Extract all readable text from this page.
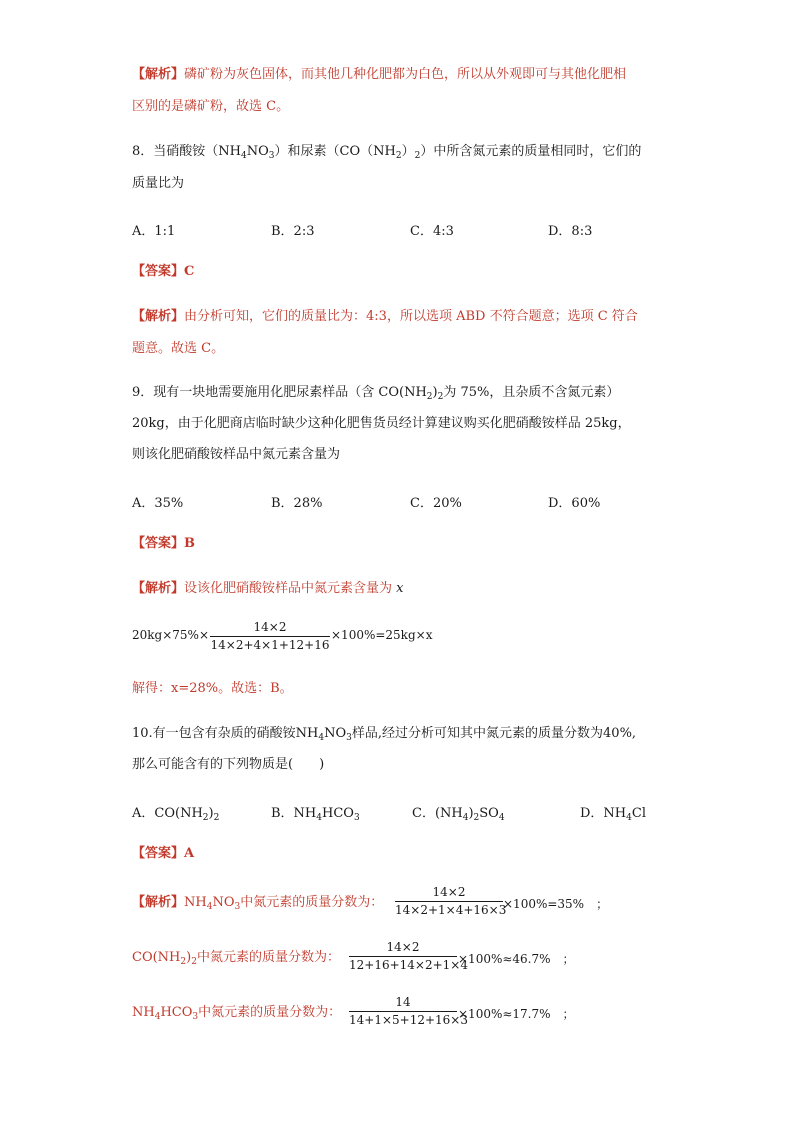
【解析】磷矿粉为灰色固体，而其他几种化肥都为白色，所以从外观即可与其他化肥相
区别的是磷矿粉，故选 C。
8．当硝酸铵$(NH_4NO_3)$和尿素$(CO(NH_2)_2)$中所含氮元素的质量相同时，它们的
质量比为
A．1:1	B．2:3	C．4:3	D．8:3
【答案】C
【解析】由分析可知，它们的质量比为：4:3，所以选项 ABD 不符合题意；选项 C 符合
题意。故选 C。
9．现有一块地需要施用化肥尿素样品（含 $CO(NH_2)_2$为 75%，且杂质不含氮元素）
20kg，由于化肥商店临时缺少这种化肥售货员经计算建议购买化肥硝酸铵样品 25kg，
则该化肥硝酸铵样品中氮元素含量为
A．35%	B．28%	C．20%	D．60%
【答案】B
【解析】设该化肥硝酸铵样品中氮元素含量为 x
20kg×75%×
14×2
14×2+4×1+12+16
×100%=25kg×x
解得：x=28%。故选：B。
10.有一包含有杂质的硝酸铵$NH_4NO_3$样品,经过分析可知其中氮元素的质量分数为40%,
那么可能含有的下列物质是(　　)
A．$CO(NH_2)_2$	B．$NH_4HCO_3$	C．$(NH_4)_2SO_4$	D．$NH_4Cl$
【答案】A
【解析】$NH_4NO_3$中氮元素的质量分数为：
14×2
14×2+1×4+16×3
×100%=35%　；
$CO(NH_2)_2$中氮元素的质量分数为：
14×2
12+16+14×2+1×4
×100%≈46.7%　；
$NH_4HCO_3$中氮元素的质量分数为：
14
14+1×5+12+16×3
×100%≈17.7%　；
